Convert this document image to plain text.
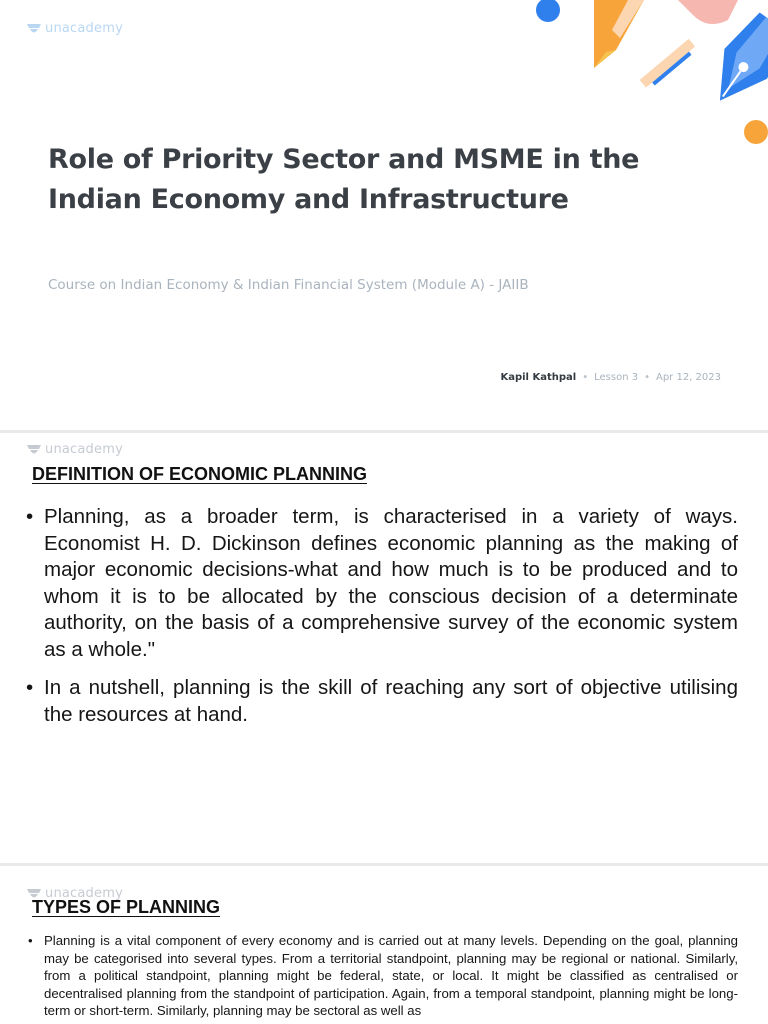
unacademy
Role of Priority Sector and MSME in the Indian Economy and Infrastructure

Course on Indian Economy & Indian Financial System (Module A) - JAIIB

Kapil Kathpal • Lesson 3 • Apr 12, 2023
unacademy
DEFINITION OF ECONOMIC PLANNING
• Planning, as a broader term, is characterised in a variety of ways. Economist H. D. Dickinson defines economic planning as the making of major economic decisions-what and how much is to be produced and to whom it is to be allocated by the conscious decision of a determinate authority, on the basis of a comprehensive survey of the economic system as a whole."
• In a nutshell, planning is the skill of reaching any sort of objective utilising the resources at hand.
unacademy
TYPES OF PLANNING
• Planning is a vital component of every economy and is carried out at many levels. Depending on the goal, planning may be categorised into several types. From a territorial standpoint, planning may be regional or national. Similarly, from a political standpoint, planning might be federal, state, or local. It might be classified as centralised or decentralised planning from the standpoint of participation. Again, from a temporal standpoint, planning might be long-term or short-term. Similarly, planning may be sectoral as well as
